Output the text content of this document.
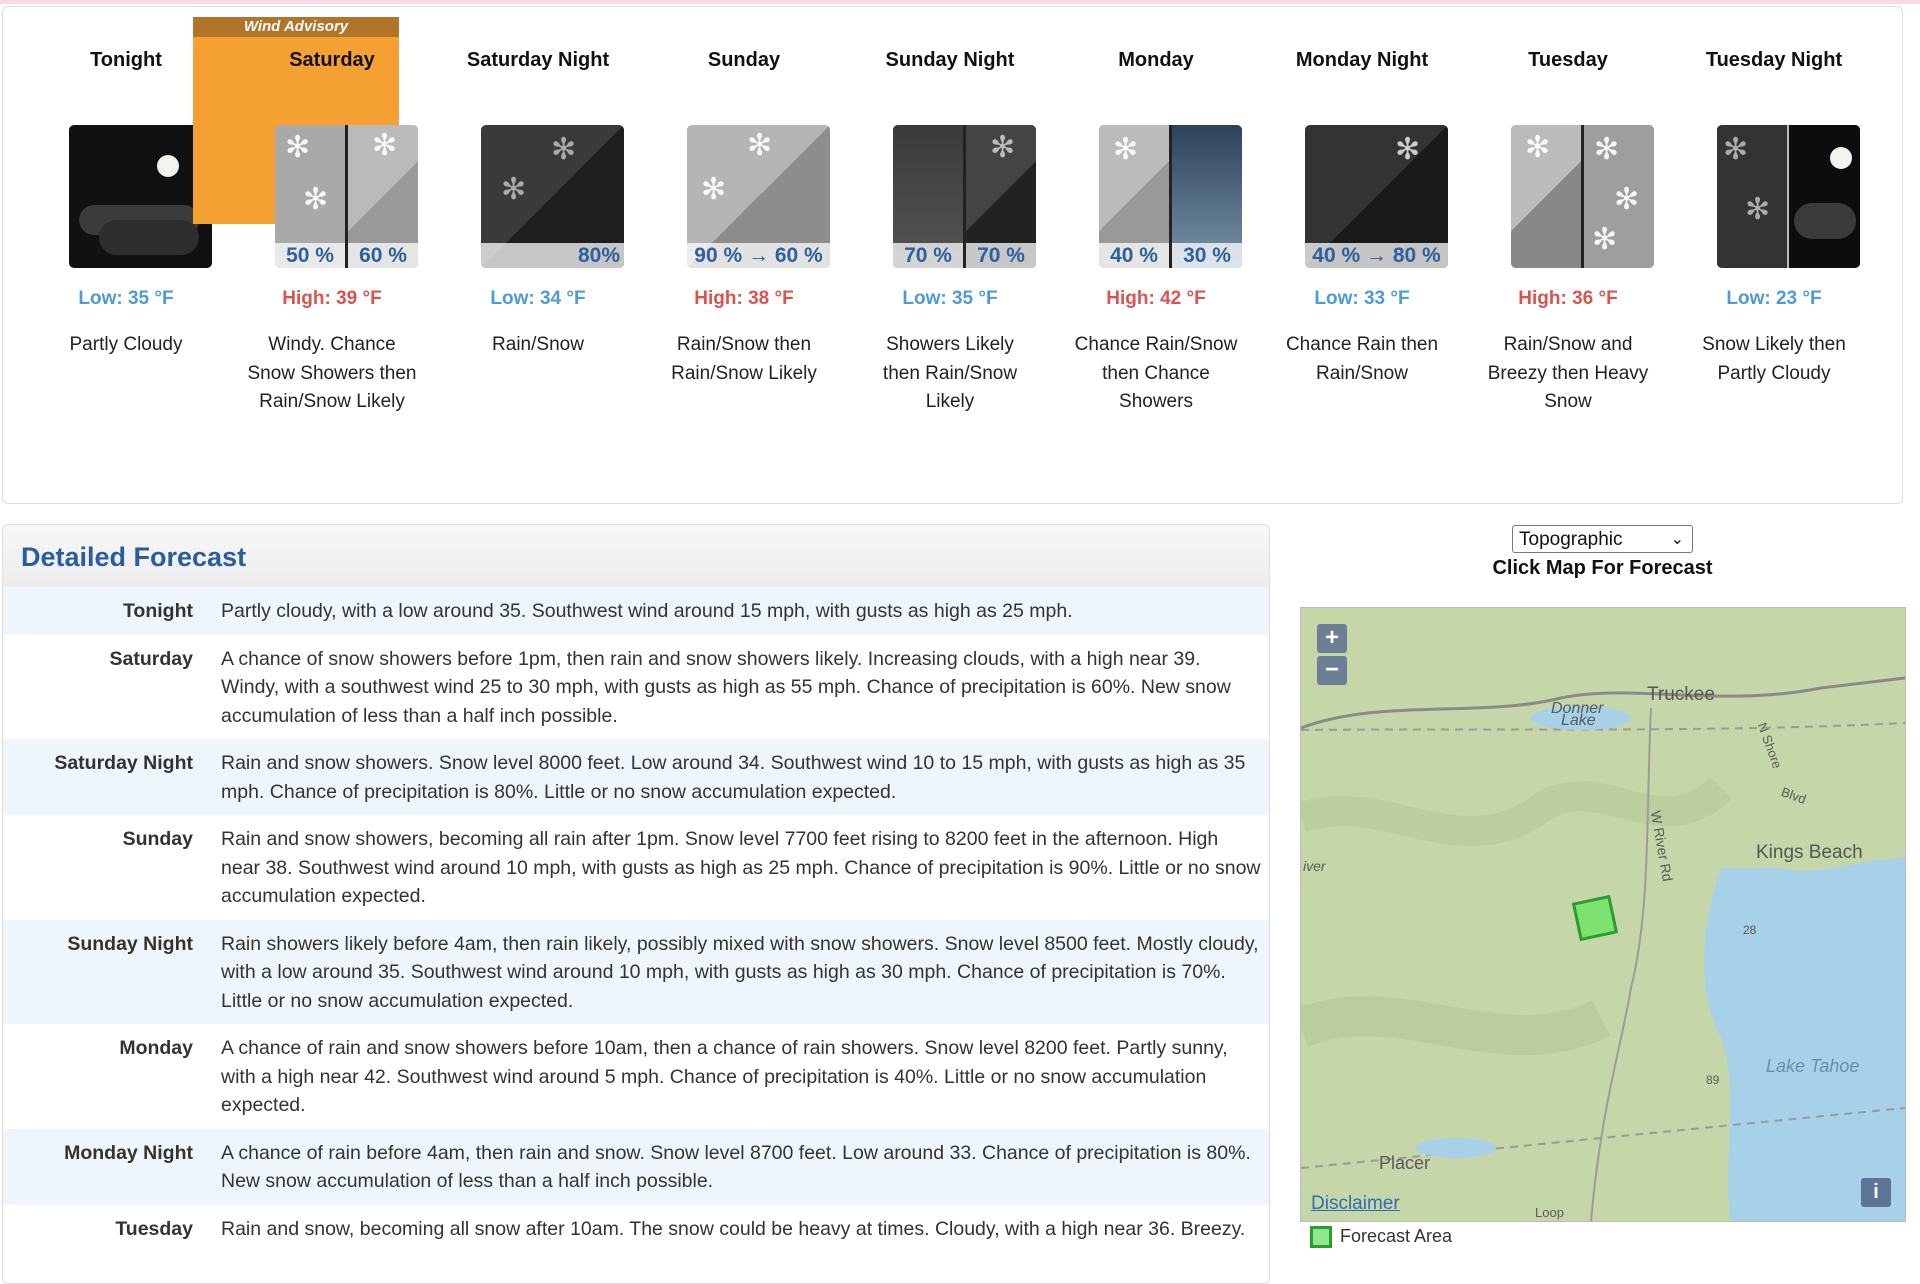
Tonight
Low: 35 °F
Partly Cloudy
Wind Advisory
Saturday
✻
✻
✻
50 %	60 %
High: 39 °F
Windy. Chance Snow Showers then Rain/Snow Likely
Saturday Night
✻
✻
80%
Low: 34 °F
Rain/Snow
Sunday
✻
✻
90 % → 60 %
High: 38 °F
Rain/Snow then Rain/Snow Likely
Sunday Night
✻
70 %	70 %
Low: 35 °F
Showers Likely then Rain/Snow Likely
Monday
✻
40 %	30 %
High: 42 °F
Chance Rain/Snow then Chance Showers
Monday Night
✻
40 % → 80 %
Low: 33 °F
Chance Rain then Rain/Snow
Tuesday
✻ ✻
✻
✻
High: 36 °F
Rain/Snow and Breezy then Heavy Snow
Tuesday Night
✻
✻
Low: 23 °F
Snow Likely then Partly Cloudy
Detailed Forecast
Tonight Partly cloudy, with a low around 35. Southwest wind around 15 mph, with gusts as high as 25 mph.
Saturday A chance of snow showers before 1pm, then rain and snow showers likely. Increasing clouds, with a high near 39. Windy, with a southwest wind 25 to 30 mph, with gusts as high as 55 mph. Chance of precipitation is 60%. New snow accumulation of less than a half inch possible.
Saturday Night Rain and snow showers. Snow level 8000 feet. Low around 34. Southwest wind 10 to 15 mph, with gusts as high as 35 mph. Chance of precipitation is 80%. Little or no snow accumulation expected.
Sunday Rain and snow showers, becoming all rain after 1pm. Snow level 7700 feet rising to 8200 feet in the afternoon. High near 38. Southwest wind around 10 mph, with gusts as high as 25 mph. Chance of precipitation is 90%. Little or no snow accumulation expected.
Sunday Night Rain showers likely before 4am, then rain likely, possibly mixed with snow showers. Snow level 8500 feet. Mostly cloudy, with a low around 35. Southwest wind around 10 mph, with gusts as high as 30 mph. Chance of precipitation is 70%. Little or no snow accumulation expected.
Monday A chance of rain and snow showers before 10am, then a chance of rain showers. Snow level 8200 feet. Partly sunny, with a high near 42. Southwest wind around 5 mph. Chance of precipitation is 40%. Little or no snow accumulation expected.
Monday Night A chance of rain before 4am, then rain and snow. Snow level 8700 feet. Low around 33. Chance of precipitation is 80%. New snow accumulation of less than a half inch possible.
Tuesday Rain and snow, becoming all snow after 10am. The snow could be heavy at times. Cloudy, with a high near 36. Breezy.
Topographic	⌄
Click Map For Forecast
+
−
Truckee
Donner
Lake
Kings Beach
Lake Tahoe
Placer
W River Rd
N Shore
Blvd
iver
Loop
89
28
Disclaimer
i
Forecast Area
